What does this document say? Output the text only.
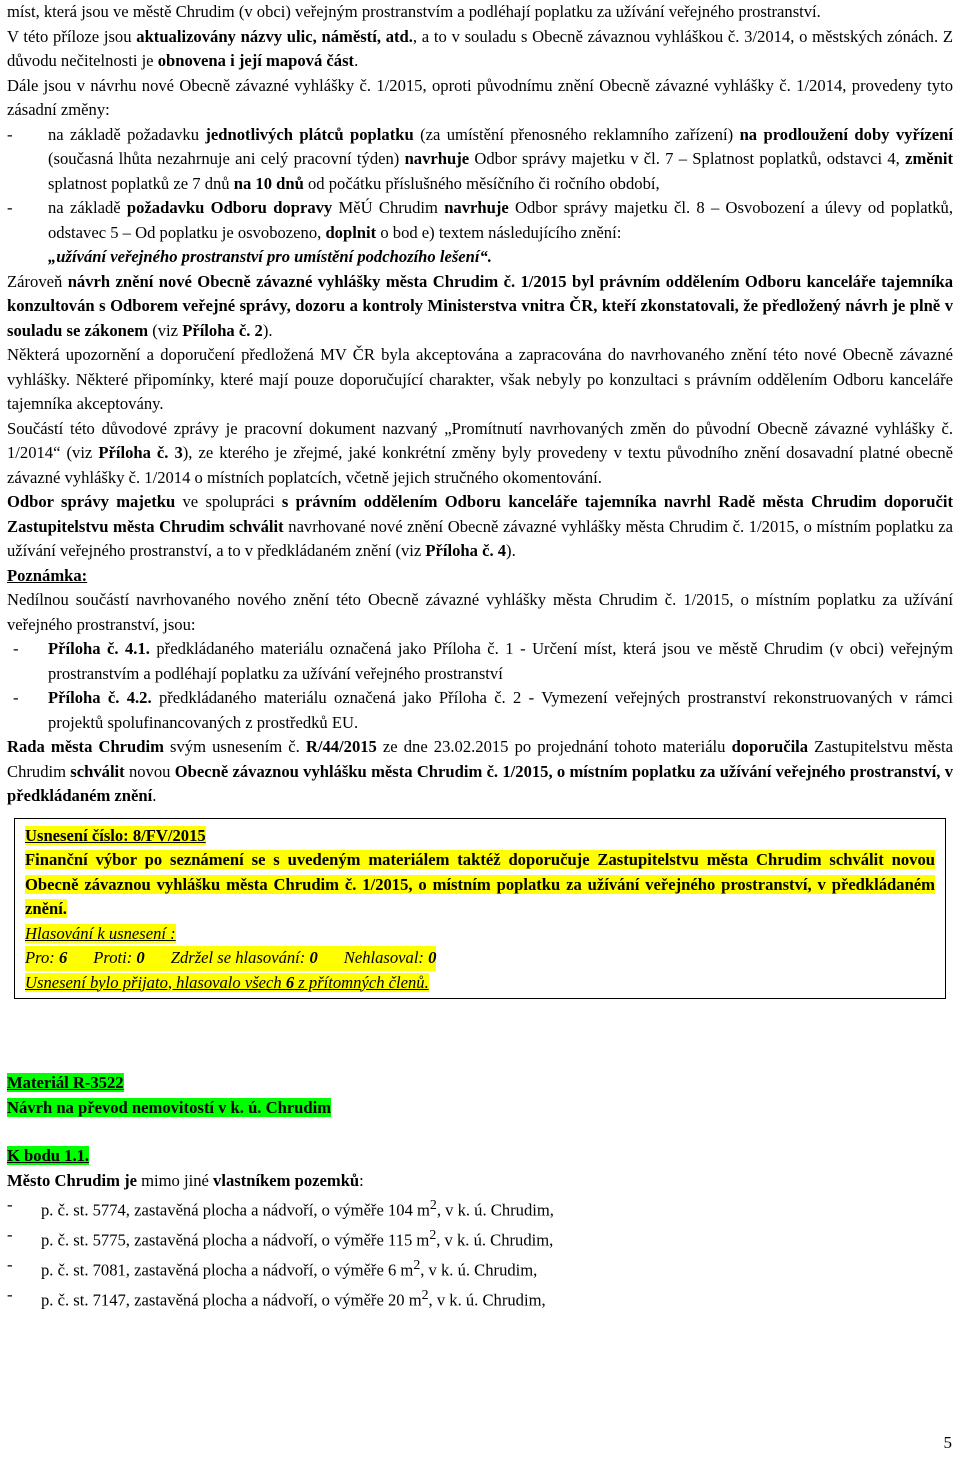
míst, která jsou ve městě Chrudim (v obci) veřejným prostranstvím a podléhají poplatku za užívání veřejného prostranství.

V této příloze jsou aktualizovány názvy ulic, náměstí, atd., a to v souladu s Obecně závaznou vyhláškou č. 3/2014, o městských zónách. Z důvodu nečitelnosti je obnovena i její mapová část.

Dále jsou v návrhu nové Obecně závazné vyhlášky č. 1/2015, oproti původnímu znění Obecně závazné vyhlášky č. 1/2014, provedeny tyto zásadní změny:

-	na základě požadavku jednotlivých plátců poplatku (za umístění přenosného reklamního zařízení) na prodloužení doby vyřízení (současná lhůta nezahrnuje ani celý pracovní týden) navrhuje Odbor správy majetku v čl. 7 – Splatnost poplatků, odstavci 4, změnit splatnost poplatků ze 7 dnů na 10 dnů od počátku příslušného měsíčního či ročního období,
-	na základě požadavku Odboru dopravy MěÚ Chrudim navrhuje Odbor správy majetku čl. 8 – Osvobození a úlevy od poplatků, odstavec 5 – Od poplatku je osvobozeno, doplnit o bod e) textem následujícího znění:
„užívání veřejného prostranství pro umístění podchozího lešení“.

Zároveň návrh znění nové Obecně závazné vyhlášky města Chrudim č. 1/2015 byl právním oddělením Odboru kanceláře tajemníka konzultován s Odborem veřejné správy, dozoru a kontroly Ministerstva vnitra ČR, kteří zkonstatovali, že předložený návrh je plně v souladu se zákonem (viz Příloha č. 2).

Některá upozornění a doporučení předložená MV ČR byla akceptována a zapracována do navrhovaného znění této nové Obecně závazné vyhlášky. Některé připomínky, které mají pouze doporučující charakter, však nebyly po konzultaci s právním oddělením Odboru kanceláře tajemníka akceptovány.

Součástí této důvodové zprávy je pracovní dokument nazvaný „Promítnutí navrhovaných změn do původní Obecně závazné vyhlášky č. 1/2014“ (viz Příloha č. 3), ze kterého je zřejmé, jaké konkrétní změny byly provedeny v textu původního znění dosavadní platné obecně závazné vyhlášky č. 1/2014 o místních poplatcích, včetně jejich stručného okomentování.

Odbor správy majetku ve spolupráci s právním oddělením Odboru kanceláře tajemníka navrhl Radě města Chrudim doporučit Zastupitelstvu města Chrudim schválit navrhované nové znění Obecně závazné vyhlášky města Chrudim č. 1/2015, o místním poplatku za užívání veřejného prostranství, a to v předkládaném znění (viz Příloha č. 4).

Poznámka:

Nedílnou součástí navrhovaného nového znění této Obecně závazné vyhlášky města Chrudim č. 1/2015, o místním poplatku za užívání veřejného prostranství, jsou:

-	Příloha č. 4.1. předkládaného materiálu označená jako Příloha č. 1 - Určení míst, která jsou ve městě Chrudim (v obci) veřejným prostranstvím a podléhají poplatku za užívání veřejného prostranství
-	Příloha č. 4.2. předkládaného materiálu označená jako Příloha č. 2 - Vymezení veřejných prostranství rekonstruovaných v rámci projektů spolufinancovaných z prostředků EU.

Rada města Chrudim svým usnesením č. R/44/2015 ze dne 23.02.2015 po projednání tohoto materiálu doporučila Zastupitelstvu města Chrudim schválit novou Obecně závaznou vyhlášku města Chrudim č. 1/2015, o místním poplatku za užívání veřejného prostranství, v předkládaném znění.

Usnesení číslo: 8/FV/2015

Finanční výbor po seznámení se s uvedeným materiálem taktéž doporučuje Zastupitelstvu města Chrudim schválit novou Obecně závaznou vyhlášku města Chrudim č. 1/2015, o místním poplatku za užívání veřejného prostranství, v předkládaném znění.

Hlasování k usnesení :

Pro: 6 Proti: 0 Zdržel se hlasování: 0 Nehlasoval: 0

Usnesení bylo přijato, hlasovalo všech 6 z přítomných členů.

Materiál R-3522

Návrh na převod nemovitostí v k. ú. Chrudim

K bodu 1.1.

Město Chrudim je mimo jiné vlastníkem pozemků:

-	p. č. st. 5774, zastavěná plocha a nádvoří, o výměře 104 $m^2$, v k. ú. Chrudim,
-	p. č. st. 5775, zastavěná plocha a nádvoří, o výměře 115 $m^2$, v k. ú. Chrudim,
-	p. č. st. 7081, zastavěná plocha a nádvoří, o výměře 6 $m^2$, v k. ú. Chrudim,
-	p. č. st. 7147, zastavěná plocha a nádvoří, o výměře 20 $m^2$, v k. ú. Chrudim,
5
